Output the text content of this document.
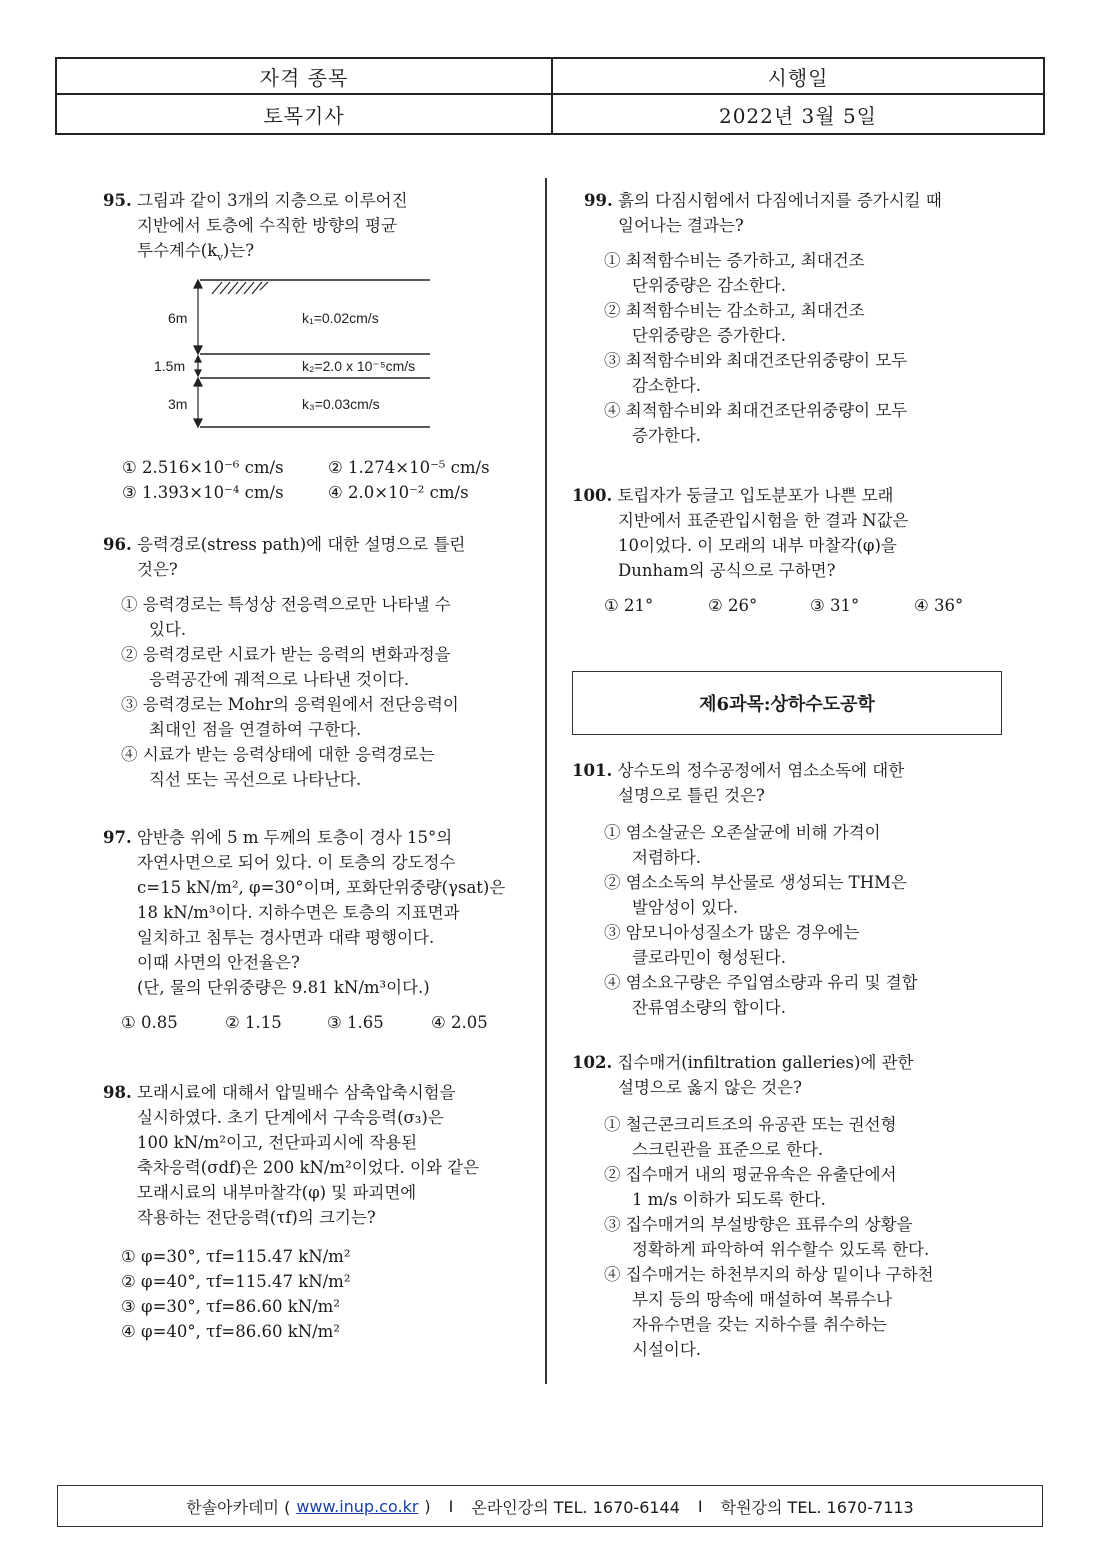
자격 종목	시행일
토목기사	2022년 3월 5일
95. 그림과 같이 3개의 지층으로 이루어진
지반에서 토층에 수직한 방향의 평균
투수계수$(k_v)$는?
6m
1.5m
3m
k₁=0.02cm/s
k₂=2.0 x 10⁻⁵cm/s
k₃=0.03cm/s
① 2.516×10⁻⁶ cm/s	② 1.274×10⁻⁵ cm/s
③ 1.393×10⁻⁴ cm/s	④ 2.0×10⁻² cm/s
96. 응력경로(stress path)에 대한 설명으로 틀린
것은?
① 응력경로는 특성상 전응력으로만 나타낼 수
있다.
② 응력경로란 시료가 받는 응력의 변화과정을
응력공간에 궤적으로 나타낸 것이다.
③ 응력경로는 Mohr의 응력원에서 전단응력이
최대인 점을 연결하여 구한다.
④ 시료가 받는 응력상태에 대한 응력경로는
직선 또는 곡선으로 나타난다.
97. 암반층 위에 5 m 두께의 토층이 경사 15°의
자연사면으로 되어 있다. 이 토층의 강도정수
c=15 kN/m², φ=30°이며, 포화단위중량(γsat)은
18 kN/m³이다. 지하수면은 토층의 지표면과
일치하고 침투는 경사면과 대략 평행이다.
이때 사면의 안전율은?
(단, 물의 단위중량은 9.81 kN/m³이다.)
① 0.85	② 1.15	③ 1.65	④ 2.05
98. 모래시료에 대해서 압밀배수 삼축압축시험을
실시하였다. 초기 단계에서 구속응력(σ₃)은
100 kN/m²이고, 전단파괴시에 작용된
축차응력(σdf)은 200 kN/m²이었다. 이와 같은
모래시료의 내부마찰각(φ) 및 파괴면에
작용하는 전단응력(τf)의 크기는?
① φ=30°, τf=115.47 kN/m²
② φ=40°, τf=115.47 kN/m²
③ φ=30°, τf=86.60 kN/m²
④ φ=40°, τf=86.60 kN/m²
99. 흙의 다짐시험에서 다짐에너지를 증가시킬 때
일어나는 결과는?
① 최적함수비는 증가하고, 최대건조
단위중량은 감소한다.
② 최적함수비는 감소하고, 최대건조
단위중량은 증가한다.
③ 최적함수비와 최대건조단위중량이 모두
감소한다.
④ 최적함수비와 최대건조단위중량이 모두
증가한다.
100. 토립자가 둥글고 입도분포가 나쁜 모래
지반에서 표준관입시험을 한 결과 N값은
10이었다. 이 모래의 내부 마찰각(φ)을
Dunham의 공식으로 구하면?
① 21°	② 26°	③ 31°	④ 36°
제6과목:상하수도공학
101. 상수도의 정수공정에서 염소소독에 대한
설명으로 틀린 것은?
① 염소살균은 오존살균에 비해 가격이
저렴하다.
② 염소소독의 부산물로 생성되는 THM은
발암성이 있다.
③ 암모니아성질소가 많은 경우에는
클로라민이 형성된다.
④ 염소요구량은 주입염소량과 유리 및 결합
잔류염소량의 합이다.
102. 집수매거(infiltration galleries)에 관한
설명으로 옳지 않은 것은?
① 철근콘크리트조의 유공관 또는 권선형
스크린관을 표준으로 한다.
② 집수매거 내의 평균유속은 유출단에서
1 m/s 이하가 되도록 한다.
③ 집수매거의 부설방향은 표류수의 상황을
정확하게 파악하여 위수할수 있도록 한다.
④ 집수매거는 하천부지의 하상 밑이나 구하천
부지 등의 땅속에 매설하여 복류수나
자유수면을 갖는 지하수를 취수하는
시설이다.
한솔아카데미 ( www.inup.co.kr ) I 온라인강의 TEL. 1670-6144 I 학원강의 TEL. 1670-7113
